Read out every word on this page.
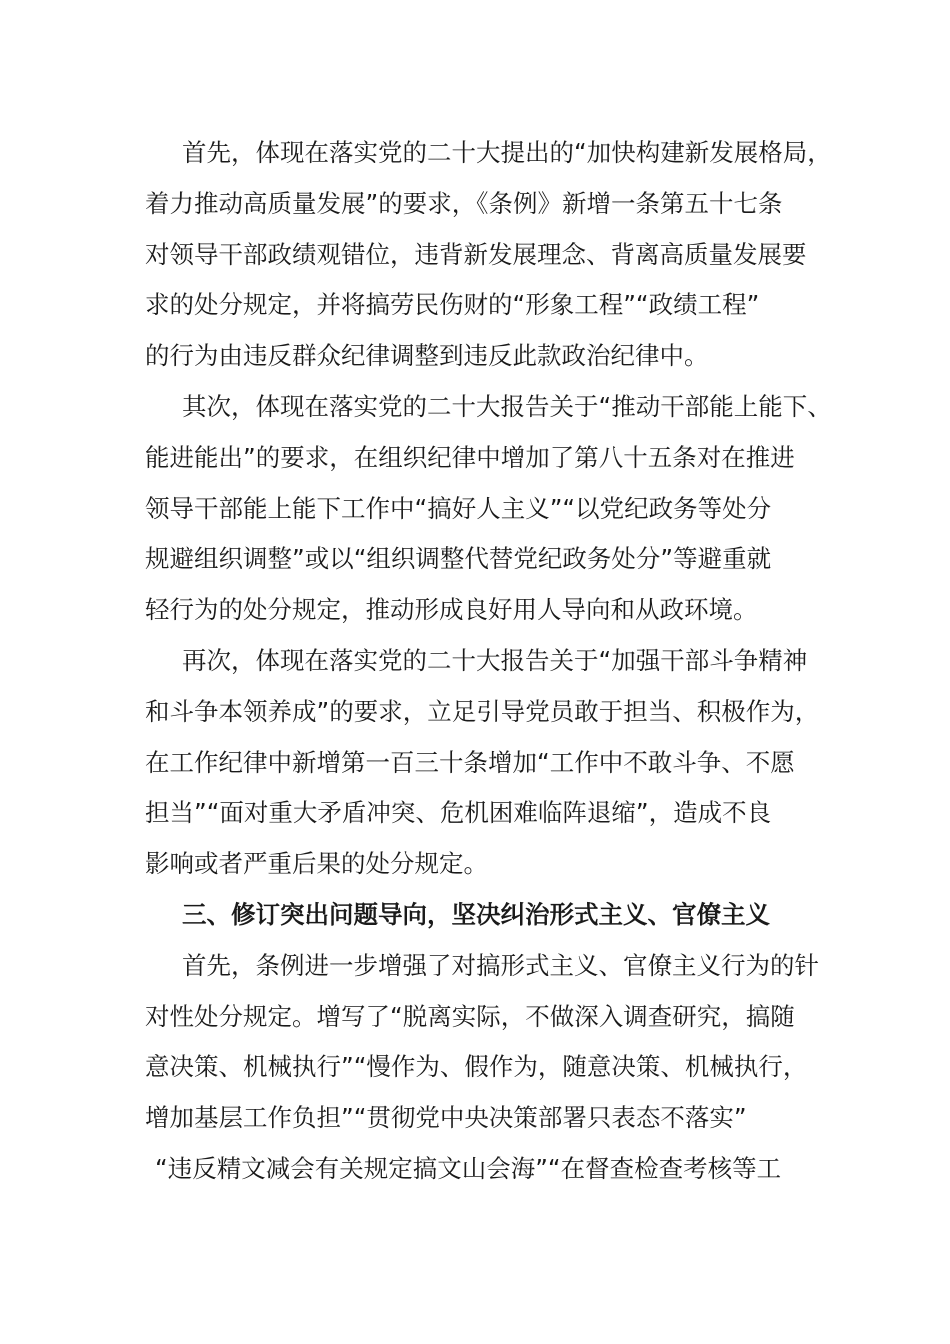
首先，体现在落实党的二十大提出的“加快构建新发展格局，
着力推动高质量发展”的要求，《条例》新增一条第五十七条
对领导干部政绩观错位，违背新发展理念、背离高质量发展要
求的处分规定，并将搞劳民伤财的“形象工程”“政绩工程”
的行为由违反群众纪律调整到违反此款政治纪律中。
其次，体现在落实党的二十大报告关于“推动干部能上能下、
能进能出”的要求，在组织纪律中增加了第八十五条对在推进
领导干部能上能下工作中“搞好人主义”“以党纪政务等处分
规避组织调整”或以“组织调整代替党纪政务处分”等避重就
轻行为的处分规定，推动形成良好用人导向和从政环境。
再次，体现在落实党的二十大报告关于“加强干部斗争精神
和斗争本领养成”的要求，立足引导党员敢于担当、积极作为，
在工作纪律中新增第一百三十条增加“工作中不敢斗争、不愿
担当”“面对重大矛盾冲突、危机困难临阵退缩”，造成不良
影响或者严重后果的处分规定。
三、修订突出问题导向，坚决纠治形式主义、官僚主义
首先，条例进一步增强了对搞形式主义、官僚主义行为的针
对性处分规定。增写了“脱离实际，不做深入调查研究，搞随
意决策、机械执行”“慢作为、假作为，随意决策、机械执行，
增加基层工作负担”“贯彻党中央决策部署只表态不落实”
“违反精文减会有关规定搞文山会海”“在督查检查考核等工
